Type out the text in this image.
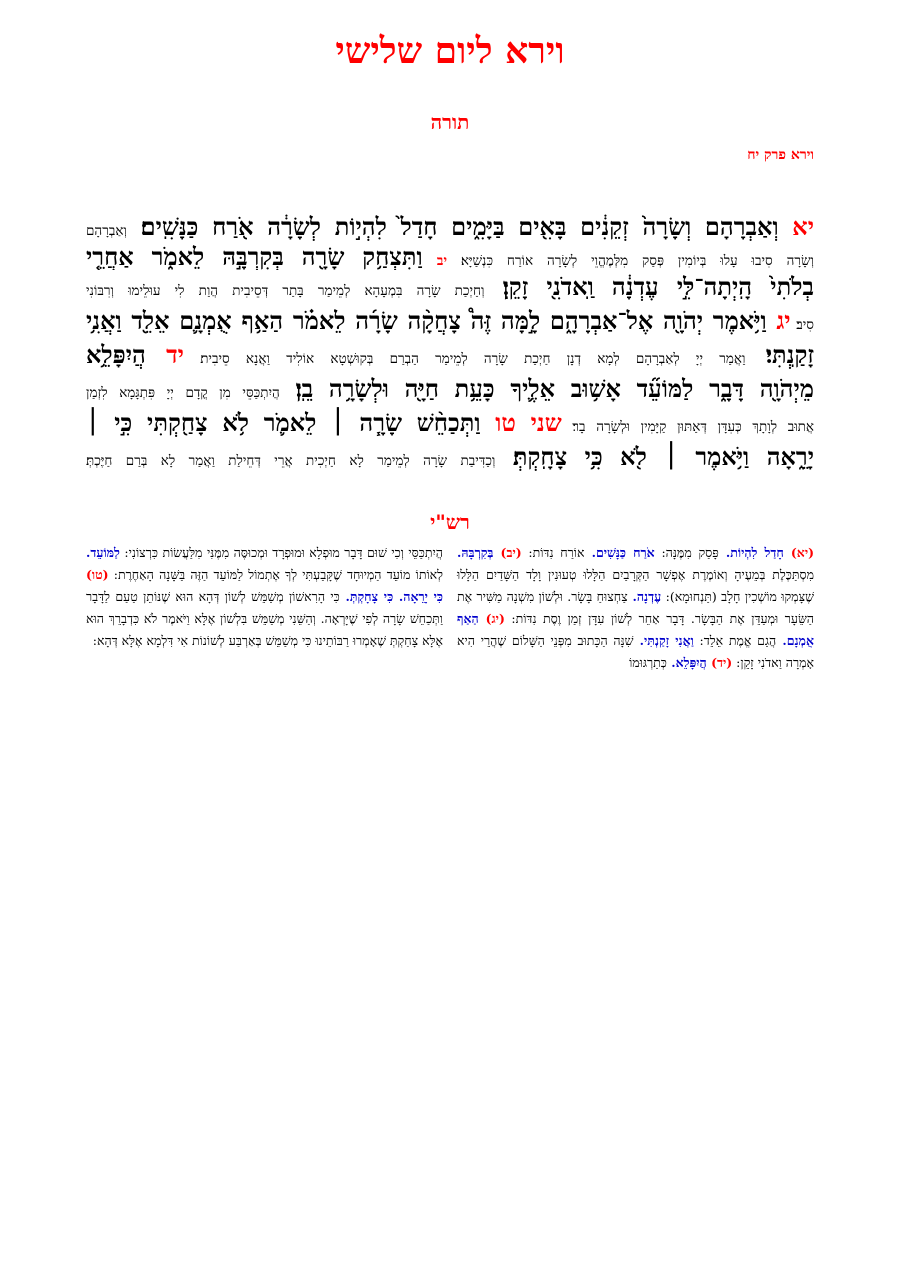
וירא ליום שלישי
תורה
וירא פרק יח
יא וְאַבְרָהָם וְשָׂרָה֙ זְקֵנִ֔ים בָּאִ֖ים בַּיָּמִ֑ים חָדַל֙ לִהְי֣וֹת לְשָׂרָ֔ה אֹ֖רַח כַּנָּשִֽׁים׃ וְאַבְרָהָם
וְשָׂרָה סִיבוּ עָלוּ בְּיוֹמִין פְּסַק מִלְּמֶהֱוֵי לְשָׂרָה אוֹרַח כִּנְשַׁיָּא׃ יב וַתִּצְחַ֥ק שָׂרָ֖ה בְּקִרְבָּ֣הּ לֵאמֹ֑ר אַחֲרֵ֤י
בְלֹתִי֙ הָֽיְתָה־לִּ֣י עֶדְנָ֔ה וַֽאדֹנִ֖י זָקֵֽן׃ וְחַיְכַת שָׂרָה בִּמְעָהָא לְמֵימַר בָּתַר דְּסֵיבִית הֲוַת לִי עוּלֵימוּ וְרִבּוֹנִי
סִיב׃ יג וַיֹּ֥אמֶר יְהֹוָ֖ה אֶל־אַבְרָהָ֑ם לָ֣מָּה זֶּה֩ צָחֲקָ֨ה שָׂרָ֜ה לֵאמֹ֗ר הַאַ֥ף אֻמְנָ֛ם אֵלֵ֖ד וַאֲנִ֥י
זָקַֽנְתִּי׃ וַאֲמַר יְיָ לְאַבְרָהָם לְמָא דְנָן חַיְכַת שָׂרָה לְמֵימַר הַבְרַם בְּקוּשְׁטָא אוֹלִיד וַאֲנָא סֵיבִית׃ יד הֲיִפָּלֵ֥א
מֵיְהֹוָ֖ה דָּבָ֑ר לַמּוֹעֵ֞ד אָשׁ֥וּב אֵלֶ֛יךָ כָּעֵ֥ת חַיָּ֖ה וּלְשָׂרָ֥ה בֵֽן׃ הֲיִתְכַּסֵּי מִן קֳדָם יְיָ פִּתְגָּמָא לִזְמַן
אֲתוּב לְוָתָךְ כְּעִדָּן דְּאַתּוּן קַיָּמִין וּלְשָׂרָה בָר׃ שני טו וַתְּכַחֵ֨שׁ שָׂרָ֧ה ׀ לֵאמֹ֛ר לֹ֥א צָחַ֖קְתִּי כִּ֣י ׀
יָרֵ֑אָה וַיֹּ֥אמֶר ׀ לֹ֖א כִּ֥י צָחָֽקְתְּ׃ וְכַדִּיבַת שָׂרָה לְמֵימַר לָא חַיְכִית אֲרֵי דְּחֵילַת וַאֲמַר לָא בְּרַם חַיֶּכְתְּ׃
רש"י
(יא) חָדַל לִהְיוֹת. פָּסַק מִמֶּנָּה: אֹרַח כַּנָּשִׁים. אוֹרַח נִדּוֹת: (יב) בְּקִרְבָּהּ. מִסְתַּכֶּלֶת בְּמֵעֶיהָ וְאוֹמֶרֶת אֶפְשָׁר הַקְּרָבַיִם הַלָּלוּ טְעוּנִין וָלָד הַשָּׁדַיִם הַלָּלוּ שֶׁצָּמְקוּ מוֹשְׁכִין חָלָב (תַּנְחוּמָא): עֶדְנָה. צַחְצוּחַ בָּשָׂר. וּלְשׁוֹן מִשְׁנָה מַשִּׁיר אֶת הַשֵּׂעָר וּמְעַדֵּן אֶת הַבָּשָׂר. דָּבָר אַחֵר לְשׁוֹן עִדָּן זְמַן וֶסֶת נִדּוֹת: (יג) הַאַף אֻמְנָם. הֲגַם אֱמֶת אֵלֵד: וַאֲנִי זָקַנְתִּי. שִׁנָּה הַכָּתוּב מִפְּנֵי הַשָּׁלוֹם שֶׁהֲרֵי הִיא אָמְרָה וַאדֹנִי זָקֵן: (יד) הֲיִפָּלֵא. כְּתַרְגּוּמוֹ
הֲיִתְכַּסֵּי וְכִי שׁוּם דָּבָר מוּפְלָא וּמוּפְרָד וּמְכוּסֶּה מִמֶּנִּי מִלַּעֲשׂוֹת כִּרְצוֹנִי: לַמּוֹעֵד. לְאוֹתוֹ מוֹעֵד הַמְיוּחָד שֶׁקָּבַעְתִּי לְךָ אֶתְמוֹל לַמּוֹעֵד הַזֶּה בַּשָּׁנָה הָאַחֶרֶת: (טו) כִּי יָרֵאָה. כִּי צָחָקְתְּ. כִּי הָרִאשׁוֹן מְשַׁמֵּשׁ לְשׁוֹן דְּהָא הוּא שֶׁנּוֹתֵן טַעַם לַדָּבָר וַתְּכַחֵשׁ שָׂרָה לְפִי שֶׁיָּרְאָה. וְהַשֵּׁנִי מְשַׁמֵּשׁ בִּלְשׁוֹן אֶלָּא וַיֹּאמֶר לֹא כִּדְבָרֵךְ הוּא אֶלָּא צָחַקְתְּ שֶׁאָמְרוּ רַבּוֹתֵינוּ כִּי מְשַׁמֵּשׁ בְּאַרְבַּע לְשׁוֹנוֹת אִי דִּלְמָא אֶלָּא דְּהָא:
